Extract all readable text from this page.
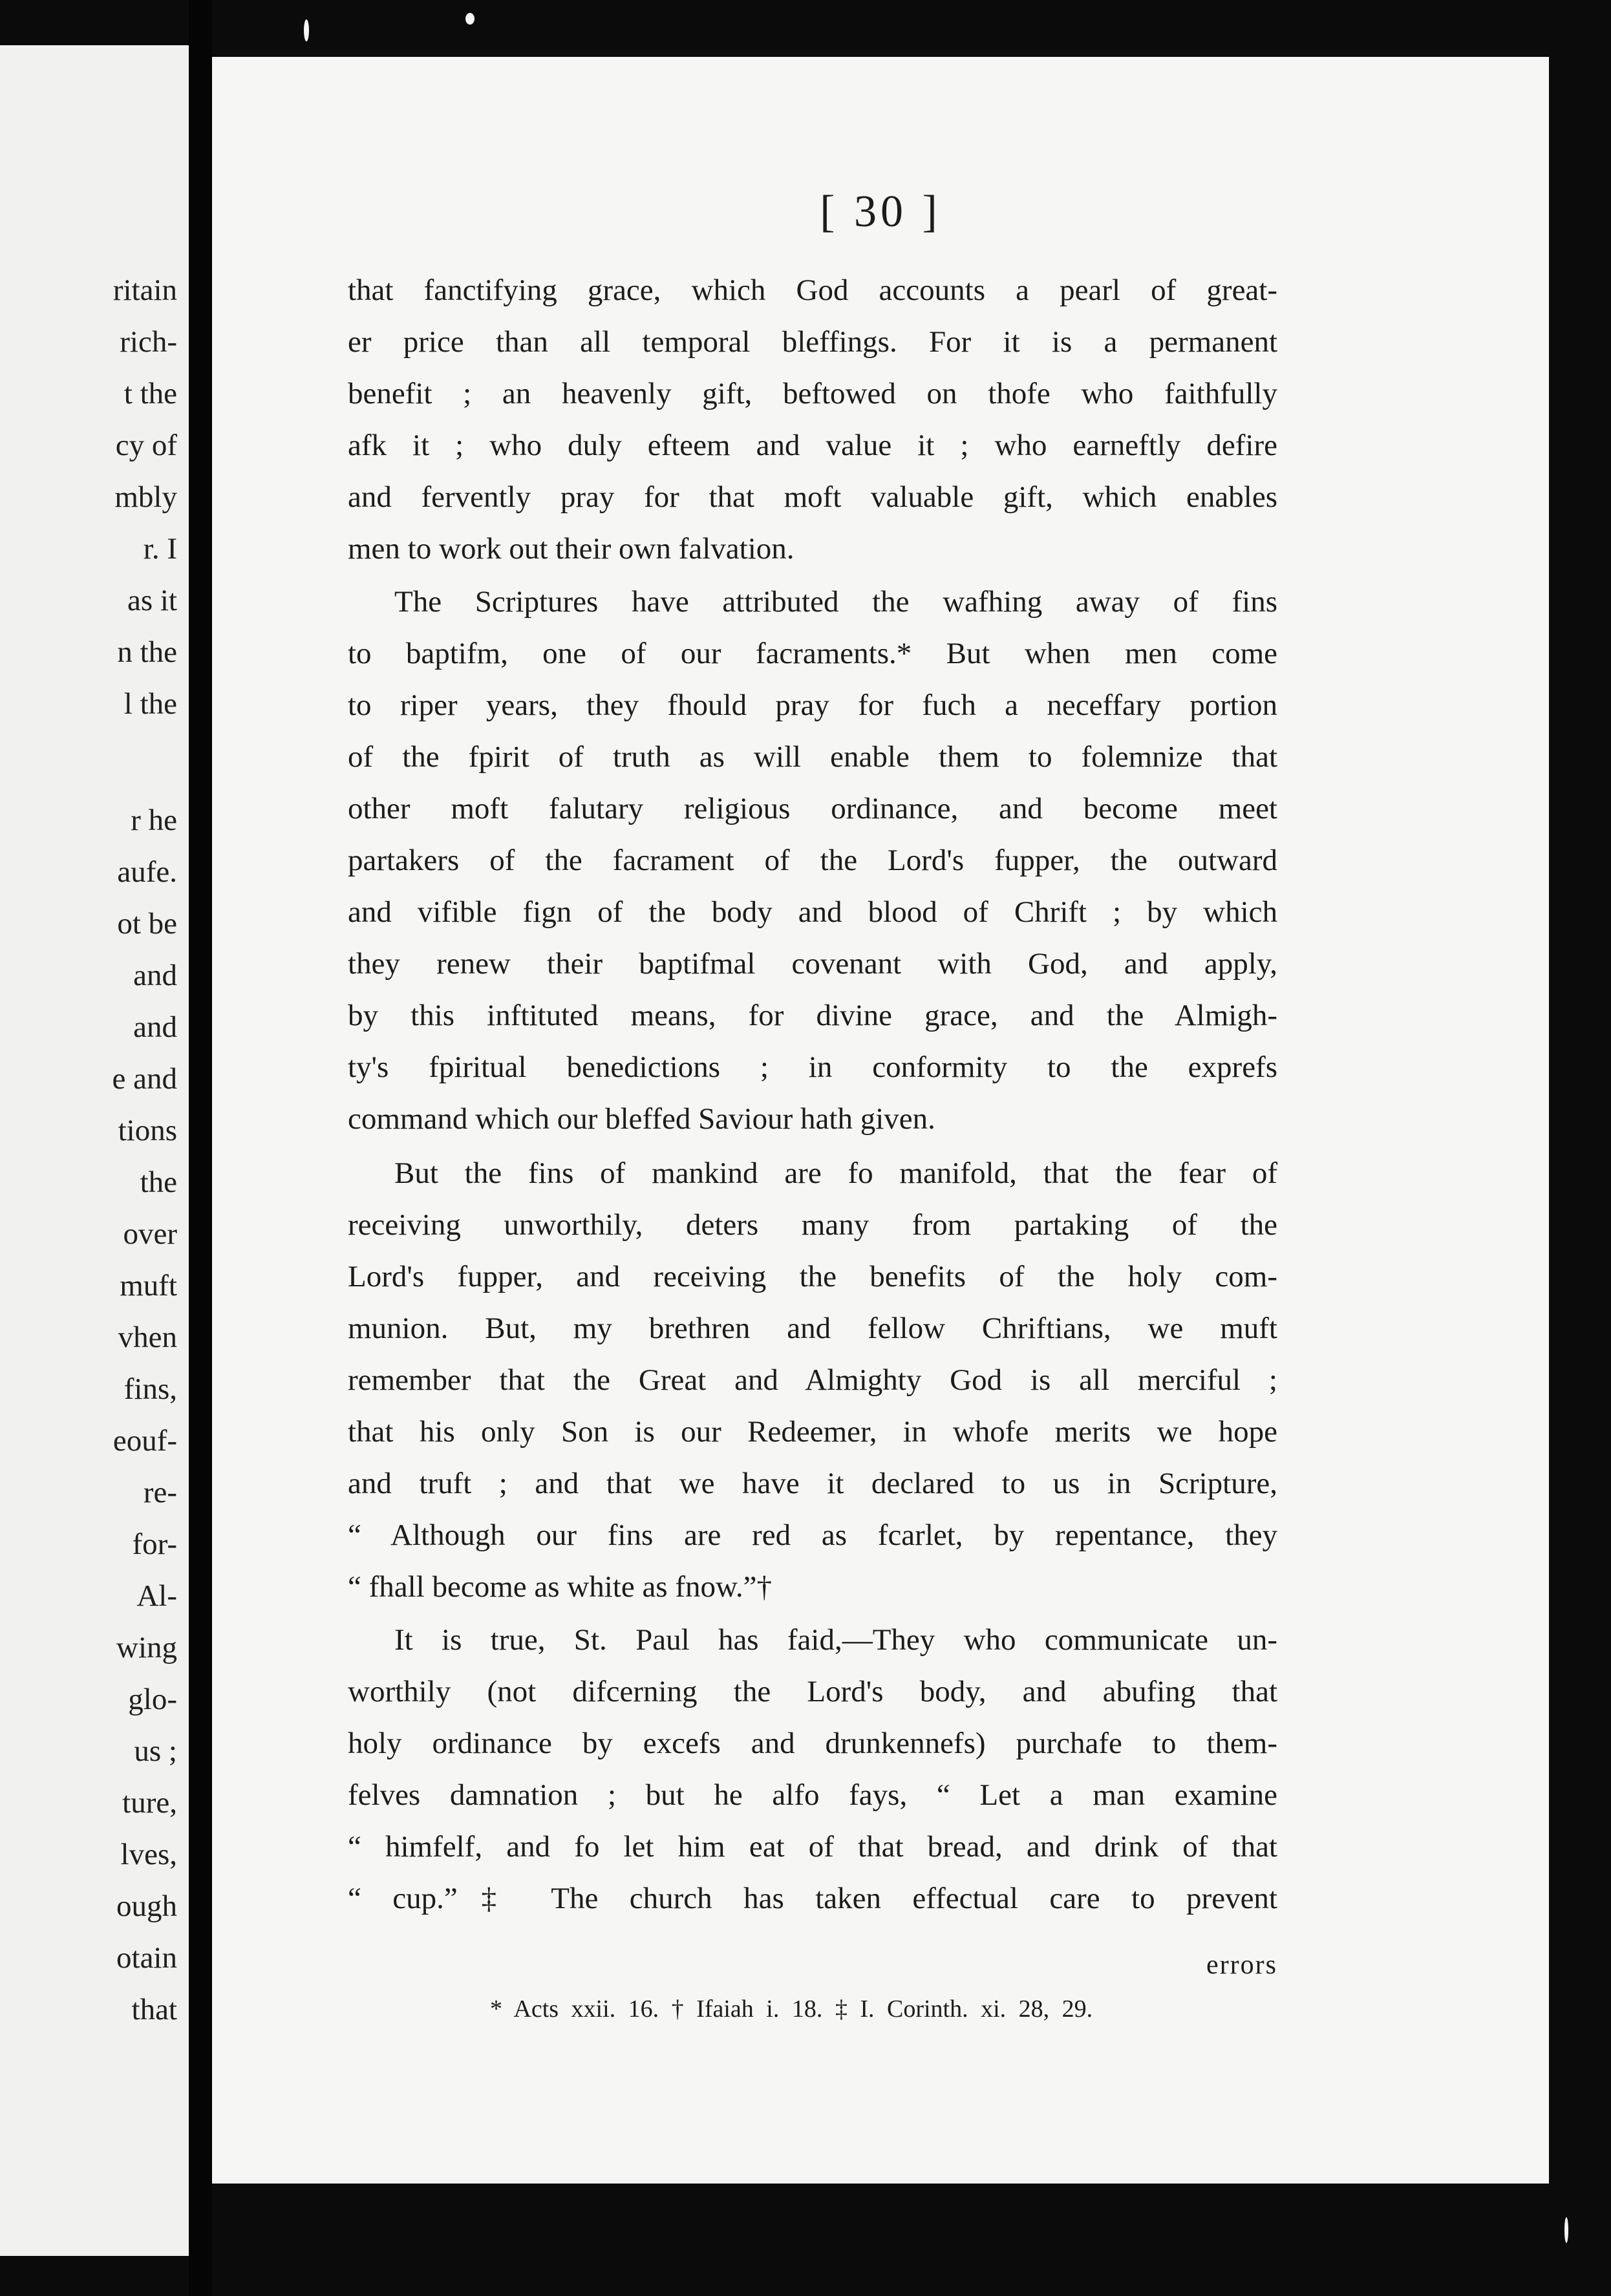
ritain
rich-
t the
cy of
mbly
r. I
as it
n the
l the
r he
aufe.
ot be
and
and
e and
tions
the
over
muft
vhen
fins,
eouf-
re-
for-
Al-
wing
glo-
us ;
ture,
lves,
ough
otain
that
[ 30 ]
that fanctifying grace, which God accounts a pearl of great-
er price than all temporal bleffings. For it is a permanent
benefit ; an heavenly gift, beftowed on thofe who faithfully
afk it ; who duly efteem and value it ; who earneftly defire
and fervently pray for that moft valuable gift, which enables
men to work out their own falvation.
The Scriptures have attributed the wafhing away of fins
to baptifm, one of our facraments.* But when men come
to riper years, they fhould pray for fuch a neceffary portion
of the fpirit of truth as will enable them to folemnize that
other moft falutary religious ordinance, and become meet
partakers of the facrament of the Lord's fupper, the outward
and vifible fign of the body and blood of Chrift ; by which
they renew their baptifmal covenant with God, and apply,
by this inftituted means, for divine grace, and the Almigh-
ty's fpiritual benedictions ; in conformity to the exprefs
command which our bleffed Saviour hath given.
But the fins of mankind are fo manifold, that the fear of
receiving unworthily, deters many from partaking of the
Lord's fupper, and receiving the benefits of the holy com-
munion. But, my brethren and fellow Chriftians, we muft
remember that the Great and Almighty God is all merciful ;
that his only Son is our Redeemer, in whofe merits we hope
and truft ; and that we have it declared to us in Scripture,
“ Although our fins are red as fcarlet, by repentance, they
“ fhall become as white as fnow.”†
It is true, St. Paul has faid,—They who communicate un-
worthily (not difcerning the Lord's body, and abufing that
holy ordinance by excefs and drunkennefs) purchafe to them-
felves damnation ; but he alfo fays, “ Let a man examine
“ himfelf, and fo let him eat of that bread, and drink of that
“ cup.”‡ The church has taken effectual care to prevent
errors
* Acts xxii. 16. † Ifaiah i. 18. ‡ I. Corinth. xi. 28, 29.
